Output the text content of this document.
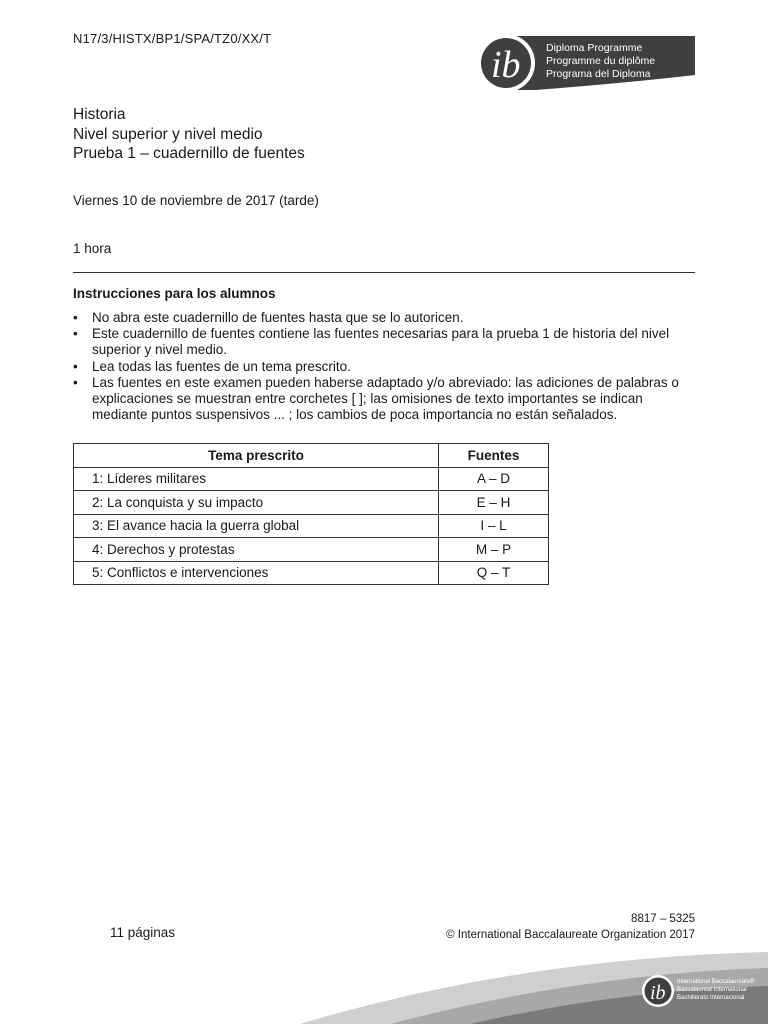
N17/3/HISTX/BP1/SPA/TZ0/XX/T
ib Diploma Programme
Programme du diplôme
Programa del Diploma
Historia
Nivel superior y nivel medio
Prueba 1 – cuadernillo de fuentes
Viernes 10 de noviembre de 2017 (tarde)
1 hora
Instrucciones para los alumnos
• No abra este cuadernillo de fuentes hasta que se lo autoricen.
• Este cuadernillo de fuentes contiene las fuentes necesarias para la prueba 1 de historia del nivel superior y nivel medio.
• Lea todas las fuentes de un tema prescrito.
• Las fuentes en este examen pueden haberse adaptado y/o abreviado: las adiciones de palabras o explicaciones se muestran entre corchetes [ ]; las omisiones de texto importantes se indican mediante puntos suspensivos ... ; los cambios de poca importancia no están señalados.
Tema prescrito	Fuentes
1: Líderes militares	A – D
2: La conquista y su impacto	E – H
3: El avance hacia la guerra global	I – L
4: Derechos y protestas	M – P
5: Conflictos e intervenciones	Q – T
11 páginas
8817 – 5325
© International Baccalaureate Organization 2017
ib International Baccalaureate®
Baccalauréat International
Bachillerato Internacional
